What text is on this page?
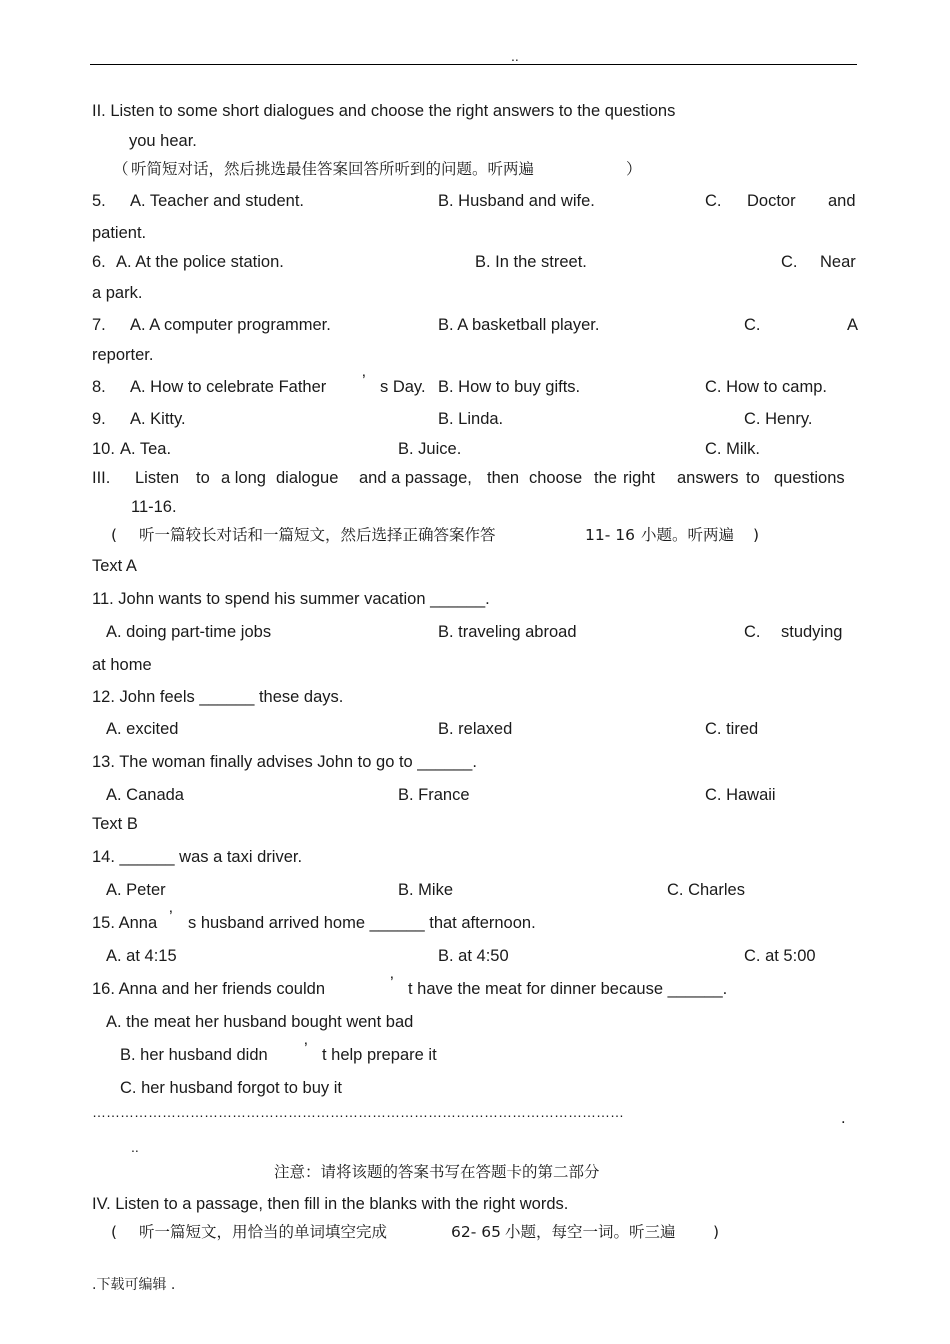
..
II. Listen to some short dialogues and choose the right answers to the questions
you hear.
（ 听简短对话，然后挑选最佳答案回答所听到的问题。听两遍	）
5. A. Teacher and student.	B. Husband and wife.	C. Doctor and
patient.
6. A. At the police station.	B. In the street.	C. Near
a park.
7. A. A computer programmer.	B. A basketball player.	C.	A
reporter.
8. A. How to celebrate Father ’ s Day. B. How to buy gifts.	C. How to camp.
9. A. Kitty.	B. Linda.	C. Henry.
10. A. Tea.	B. Juice.	C. Milk.
III. Listen to a long dialogue and a passage, then choose the right answers to questions
11-16.
( 听一篇较长对话和一篇短文，然后选择正确答案作答	11- 16 小题。听两遍 )
Text A
11. John wants to spend his summer vacation ______.
A. doing part-time jobs	B. traveling abroad	C. studying
at home
12. John feels ______ these days.
A. excited	B. relaxed	C. tired
13. The woman finally advises John to go to ______.
A. Canada	B. France	C. Hawaii
Text B
14. ______ was a taxi driver.
A. Peter	B. Mike	C. Charles
15. Anna ’ s husband arrived home ______ that afternoon.
A. at 4:15	B. at 4:50	C. at 5:00
16. Anna and her friends couldn	’ t have the meat for dinner because ______.
A. the meat her husband bought went bad
B. her husband didn ’ t help prepare it
C. her husband forgot to buy it
……………………………………………………………………………………………………	.
..
注意：请将该题的答案书写在答题卡的第二部分
IV. Listen to a passage, then fill in the blanks with the right words.
( 听一篇短文，用恰当的单词填空完成	62- 65 小题，每空一词。听三遍 )
.下载可编辑 .
